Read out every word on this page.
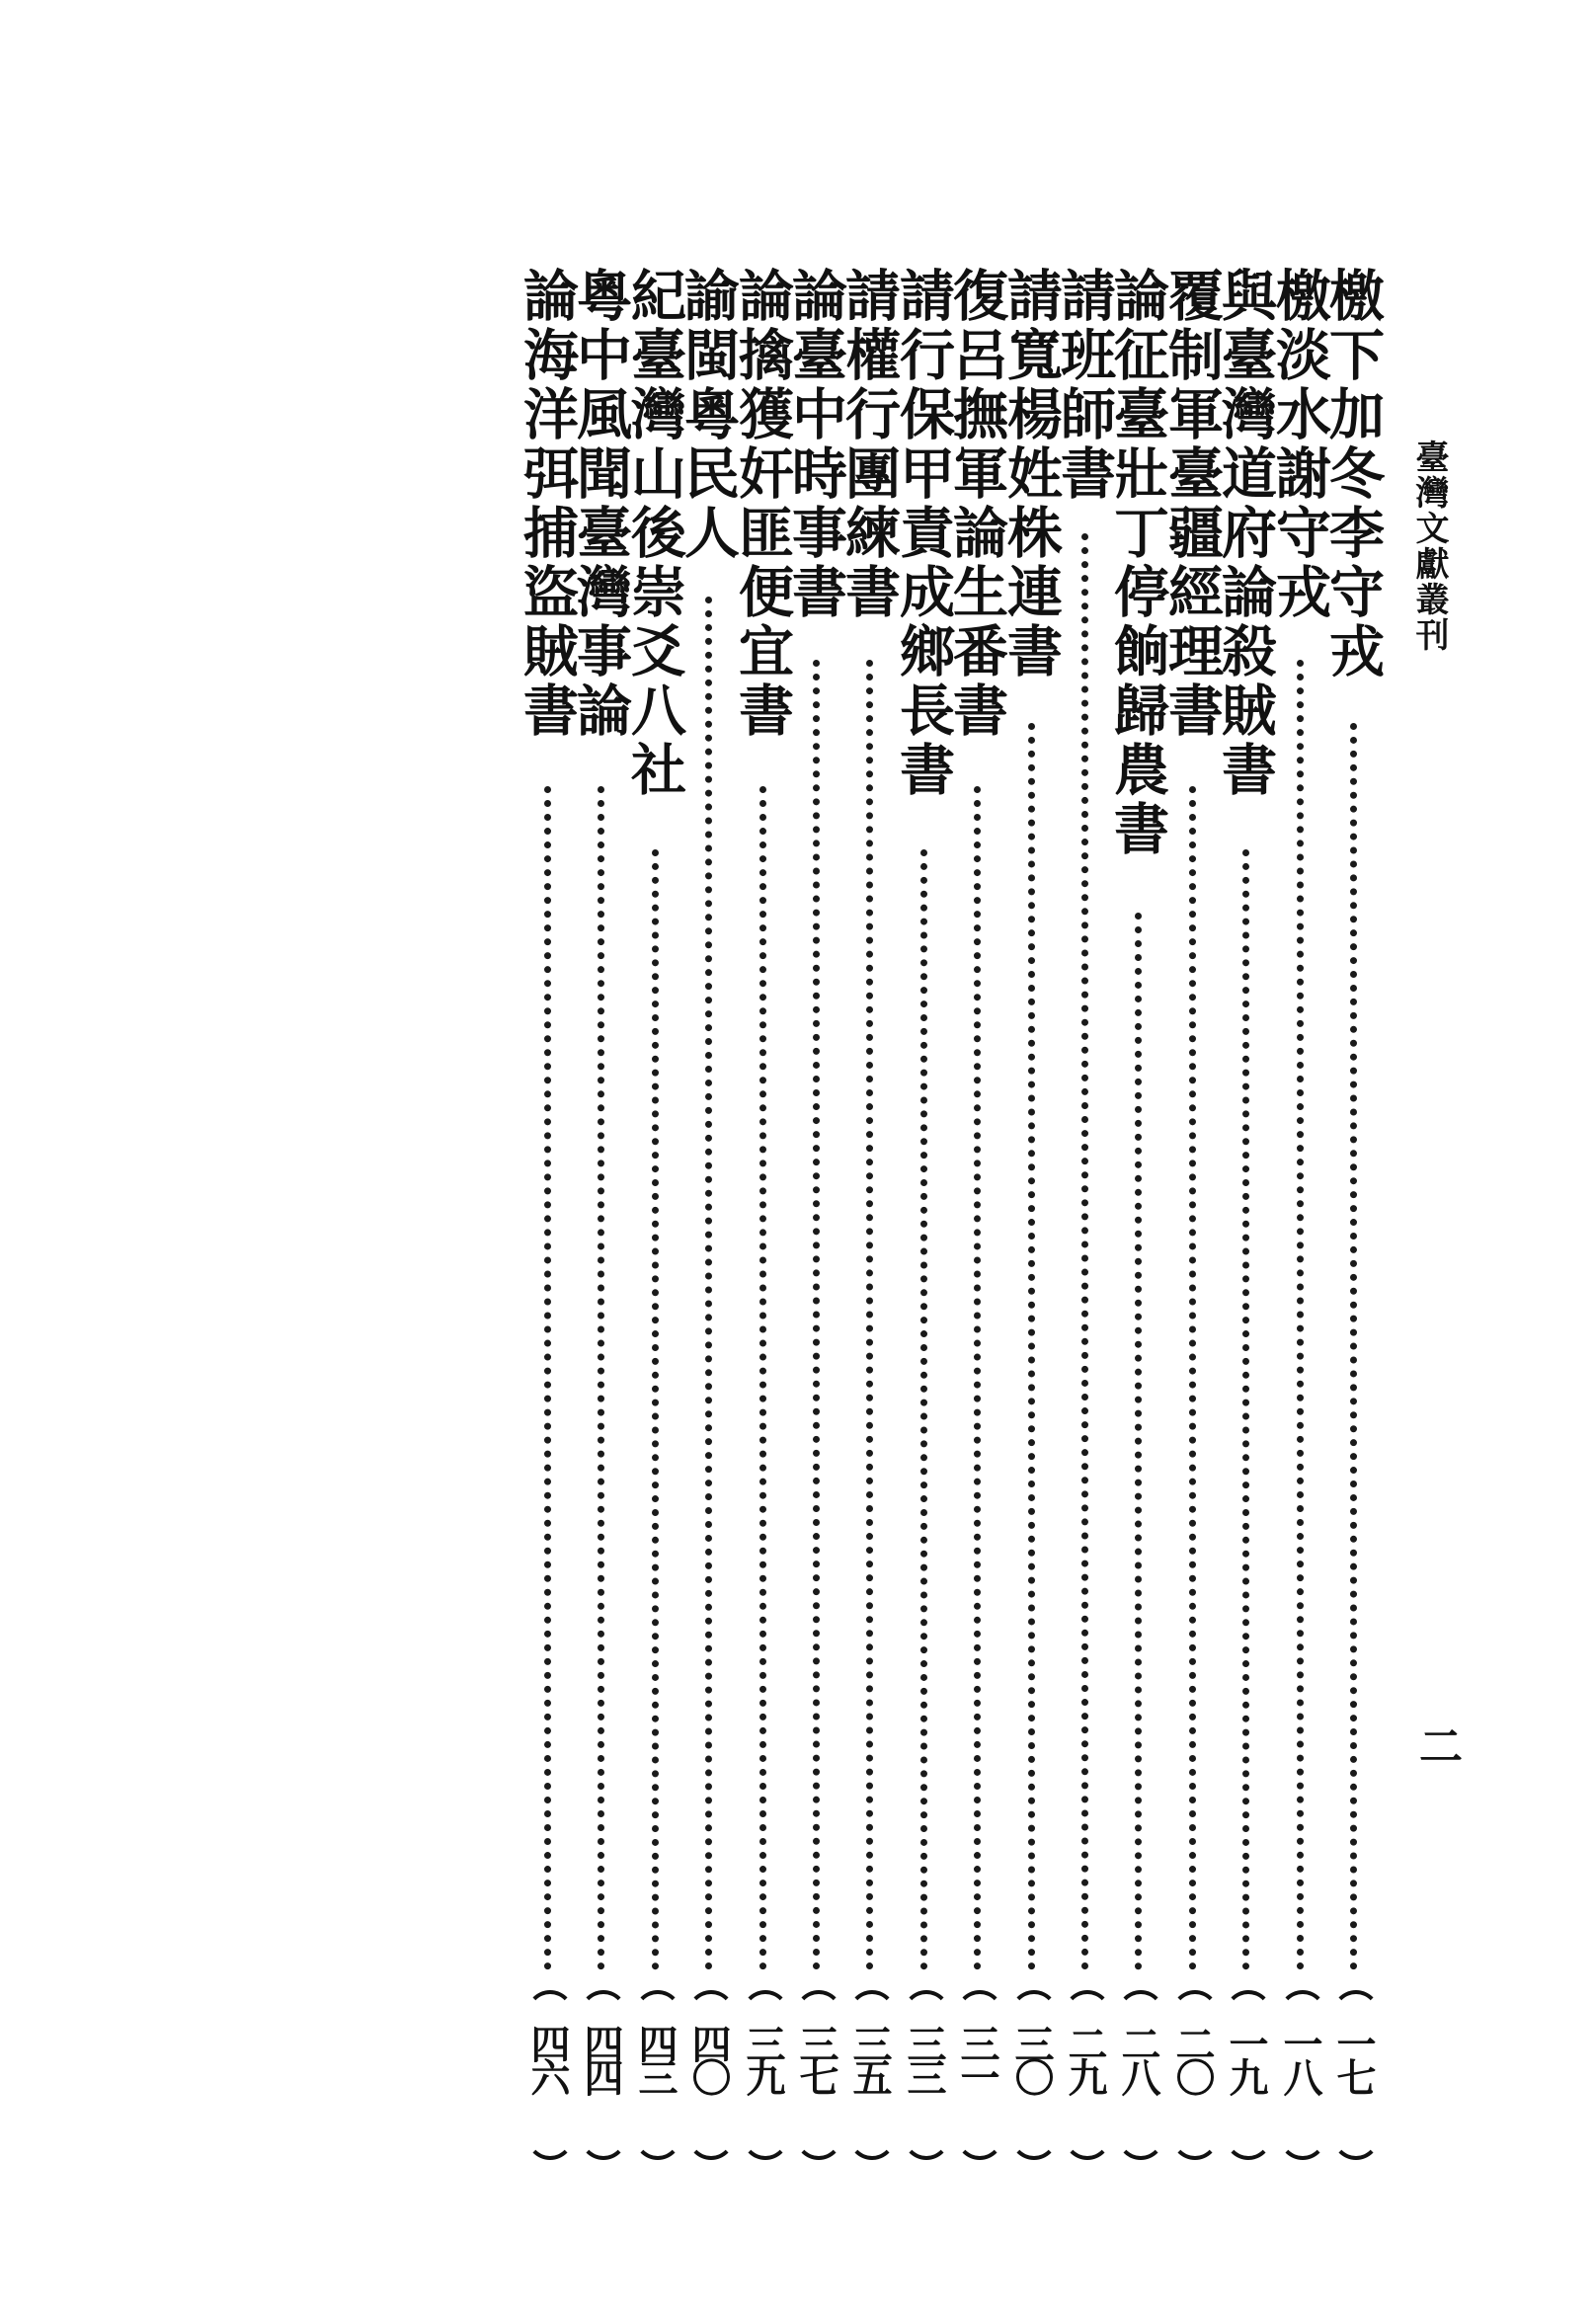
臺灣文獻叢刊
二
檄下加冬李守戎
一七
檄淡水謝守戎
一八
與臺灣道府論殺賊書
一九
覆制軍臺疆經理書
二〇
論征臺壯丁停餉歸農書
二八
請班師書
二九
請寬楊姓株連書
三〇
復呂撫軍論生番書
三一
請行保甲責成鄉長書
三三
請權行團練書
三五
論臺中時事書
三七
論擒獲奸匪便宜書
三九
諭閩粵民人
四〇
紀臺灣山後崇爻八社
四三
粵中風聞臺灣事論
四四
論海洋弭捕盜賊書
四六
